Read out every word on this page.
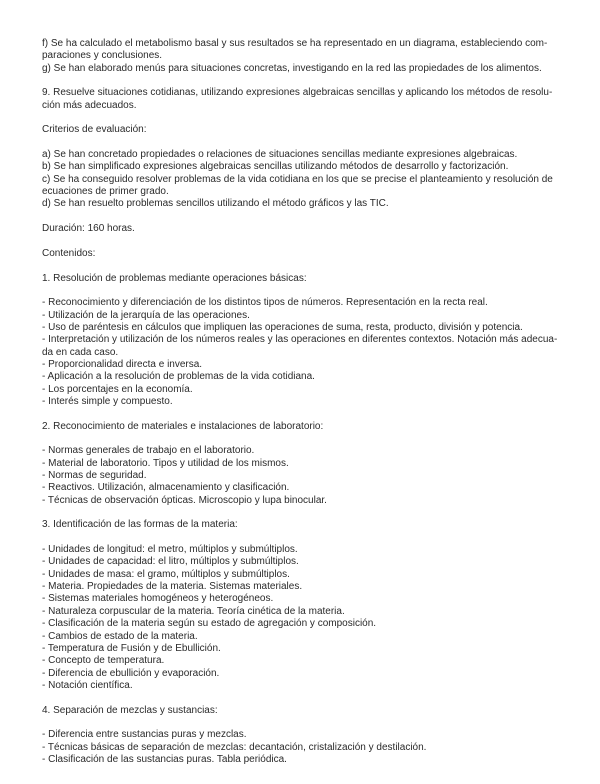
f) Se ha calculado el metabolismo basal y sus resultados se ha representado en un diagrama, estableciendo com-
paraciones y conclusiones.
g) Se han elaborado menús para situaciones concretas, investigando en la red las propiedades de los alimentos.
9. Resuelve situaciones cotidianas, utilizando expresiones algebraicas sencillas y aplicando los métodos de resolu-
ción más adecuados.
Criterios de evaluación:
a) Se han concretado propiedades o relaciones de situaciones sencillas mediante expresiones algebraicas.
b) Se han simplificado expresiones algebraicas sencillas utilizando métodos de desarrollo y factorización.
c) Se ha conseguido resolver problemas de la vida cotidiana en los que se precise el planteamiento y resolución de
ecuaciones de primer grado.
d) Se han resuelto problemas sencillos utilizando el método gráficos y las TIC.
Duración: 160 horas.
Contenidos:
1. Resolución de problemas mediante operaciones básicas:
- Reconocimiento y diferenciación de los distintos tipos de números. Representación en la recta real.
- Utilización de la jerarquía de las operaciones.
- Uso de paréntesis en cálculos que impliquen las operaciones de suma, resta, producto, división y potencia.
- Interpretación y utilización de los números reales y las operaciones en diferentes contextos. Notación más adecua-
da en cada caso.
- Proporcionalidad directa e inversa.
- Aplicación a la resolución de problemas de la vida cotidiana.
- Los porcentajes en la economía.
- Interés simple y compuesto.
2. Reconocimiento de materiales e instalaciones de laboratorio:
- Normas generales de trabajo en el laboratorio.
- Material de laboratorio. Tipos y utilidad de los mismos.
- Normas de seguridad.
- Reactivos. Utilización, almacenamiento y clasificación.
- Técnicas de observación ópticas. Microscopio y lupa binocular.
3. Identificación de las formas de la materia:
- Unidades de longitud: el metro, múltiplos y submúltiplos.
- Unidades de capacidad: el litro, múltiplos y submúltiplos.
- Unidades de masa: el gramo, múltiplos y submúltiplos.
- Materia. Propiedades de la materia. Sistemas materiales.
- Sistemas materiales homogéneos y heterogéneos.
- Naturaleza corpuscular de la materia. Teoría cinética de la materia.
- Clasificación de la materia según su estado de agregación y composición.
- Cambios de estado de la materia.
- Temperatura de Fusión y de Ebullición.
- Concepto de temperatura.
- Diferencia de ebullición y evaporación.
- Notación científica.
4. Separación de mezclas y sustancias:
- Diferencia entre sustancias puras y mezclas.
- Técnicas básicas de separación de mezclas: decantación, cristalización y destilación.
- Clasificación de las sustancias puras. Tabla periódica.
